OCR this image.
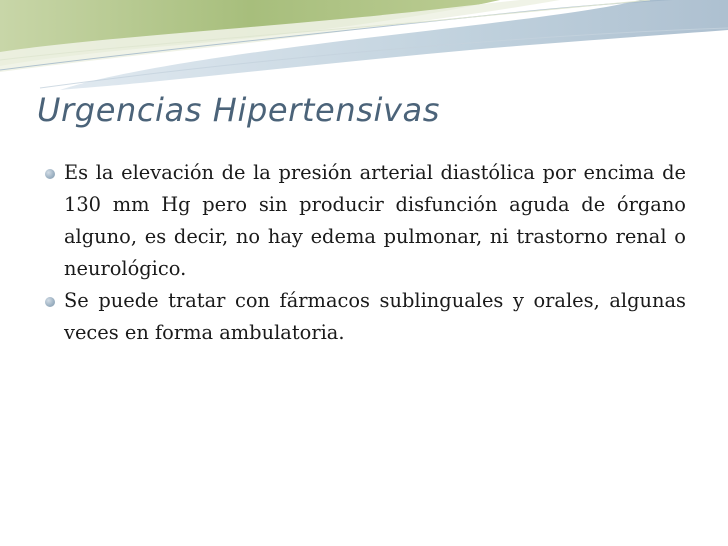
Urgencias Hipertensivas
Es la elevación de la presión arterial diastólica por encima de 130 mm Hg pero sin producir disfunción aguda de órgano alguno, es decir, no hay edema pulmonar, ni trastorno renal o neurológico.
Se puede tratar con fármacos sublinguales y orales, algunas veces en forma ambulatoria.
